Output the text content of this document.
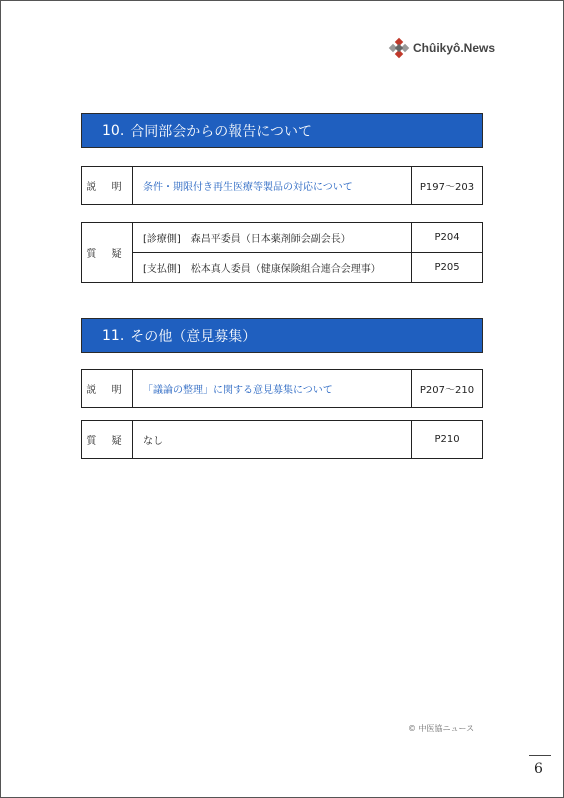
Chûikyô.News
10. 合同部会からの報告について
説 明	条件・期限付き再生医療等製品の対応について	P197～203
質 疑	[診療側]　森昌平委員（日本薬剤師会副会長）	P204
	[支払側]　松本真人委員（健康保険組合連合会理事）	P205
11. その他（意見募集）
説 明	「議論の整理」に関する意見募集について	P207～210
質 疑	なし	P210
© 中医協ニュース
6
